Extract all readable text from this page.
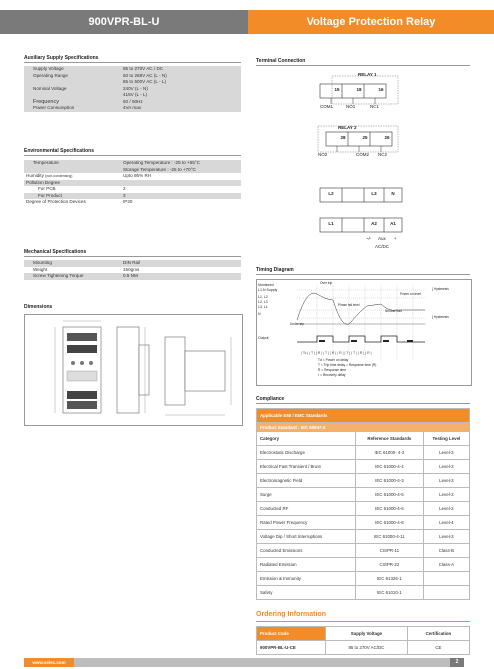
900VPR-BL-U	Voltage Protection Relay
Auxiliary Supply Specifications
Supply Voltage	85 to 270V AC / DC
Operating Range	50 to 288V AC (L - N)
85 to 500V AC (L - L)
Nominal Voltage	240V (L - N)
415V (L - L)
Frequency	50 / 60Hz
Power Consumption	4VA max
Environmental Specifications
Temperature	Operating Temperature : -25 to +55°C
Storage Temperature : -25 to +70°C
Humidity (non-condensing)	Upto 95% RH
Pollution Degree	
For PCB	2
For Product	3
Degree of Protection Devices	IP20
Mechanical Specifications
Mounting	DIN Rail
Weight	150gms
Screw Tightening Torque	0.5 NM
Dimensions
Terminal Connection
RELAY 1
RELAY 2
15	18	16
COM1	NO1	NC1
28	25	26
NO2	COM2 NC2
L2	L3	N
L1	A2	A1
~/- Aux +
AC/DC
Timing Diagram
| Tc | | T | | R | | T | | R | | R | | T | | T | | R | | R |
Monitored
L1-N Supply
L1, L2
L2, L3
L3, L1
N
Output
Over trip
Power on level
Phase fail level
Under trip
Neutral loss
} Hysteresis
} Hysteresis
Td = Power on delay
T = Trip time delay = Response time (R)
R = Response time
r = Recovery delay
Compliance
Applicable EMI / EMC Standards		
Product Standard : IEC 60947-2		
Category	Reference Standards	Testing Level
Electrostatic Discharge	IEC 61000- 4-2	Level-3
Electrical Fast Transient / Brust	IEC 61000-4-4	Level-3
Electromagnetic Field	IEC 61000-4-3	Level-3
Surge	IEC 61000-4-5	Level-3
Conducted RF	IEC 61000-4-6	Level-2
Rated Power Frequency	IEC 61000-4-8	Level-4
Voltage Dip / Short Interruptions	IEC 61000-4-11	Level-3
Conducted Emissions	CISPR-11	Class-B
Radiated Emission	CISPR-22	Class-A
Emission & Immunity	IEC 61326-1	
Safety	IEC 61010-1	
Ordering Information
Product Code	Supply Voltage	Certification
900VPR-BL-U-CE	85 to 270V AC/DC	CE
www.selec.com	2
